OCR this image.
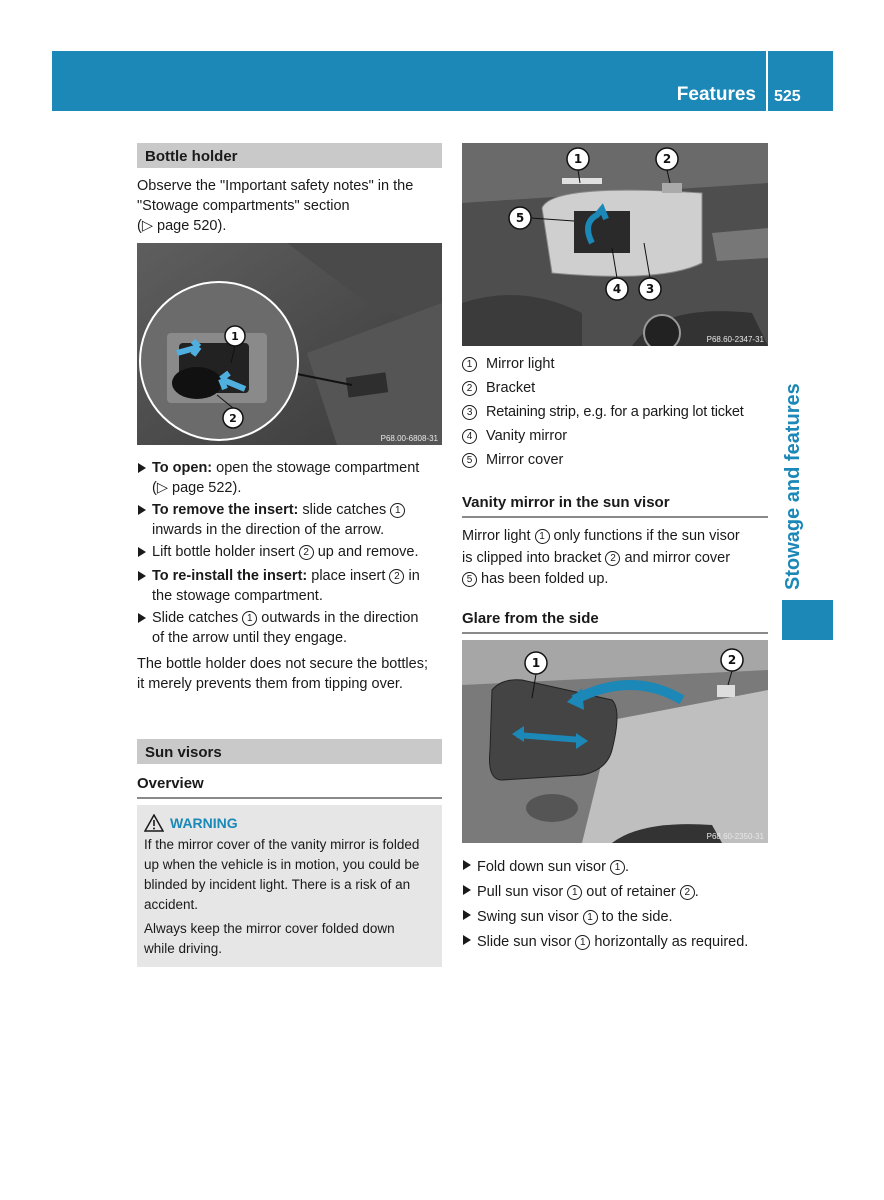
Features 525
Stowage and features
Bottle holder
Observe the "Important safety notes" in the
"Stowage compartments" section
(▷ page 520).
1
2
P68.00-6808-31
To open: open the stowage compartment
(▷ page 522).
To remove the insert: slide catches 1
inwards in the direction of the arrow.
Lift bottle holder insert 2 up and remove.
To re-install the insert: place insert 2 in
the stowage compartment.
Slide catches 1 outwards in the direction
of the arrow until they engage.
The bottle holder does not secure the bottles;
it merely prevents them from tipping over.
Sun visors
Overview
WARNING
If the mirror cover of the vanity mirror is folded
up when the vehicle is in motion, you could be
blinded by incident light. There is a risk of an
accident.
Always keep the mirror cover folded down
while driving.
1	2
3
4
5
P68.60-2347-31
1 Mirror light
2 Bracket
3 Retaining strip, e.g. for a parking lot ticket
4 Vanity mirror
5 Mirror cover
Vanity mirror in the sun visor
Mirror light 1 only functions if the sun visor
is clipped into bracket 2 and mirror cover
5 has been folded up.
Glare from the side
1	2
P68.60-2350-31
Fold down sun visor 1 .
Pull sun visor 1 out of retainer 2 .
Swing sun visor 1 to the side.
Slide sun visor 1 horizontally as required.
